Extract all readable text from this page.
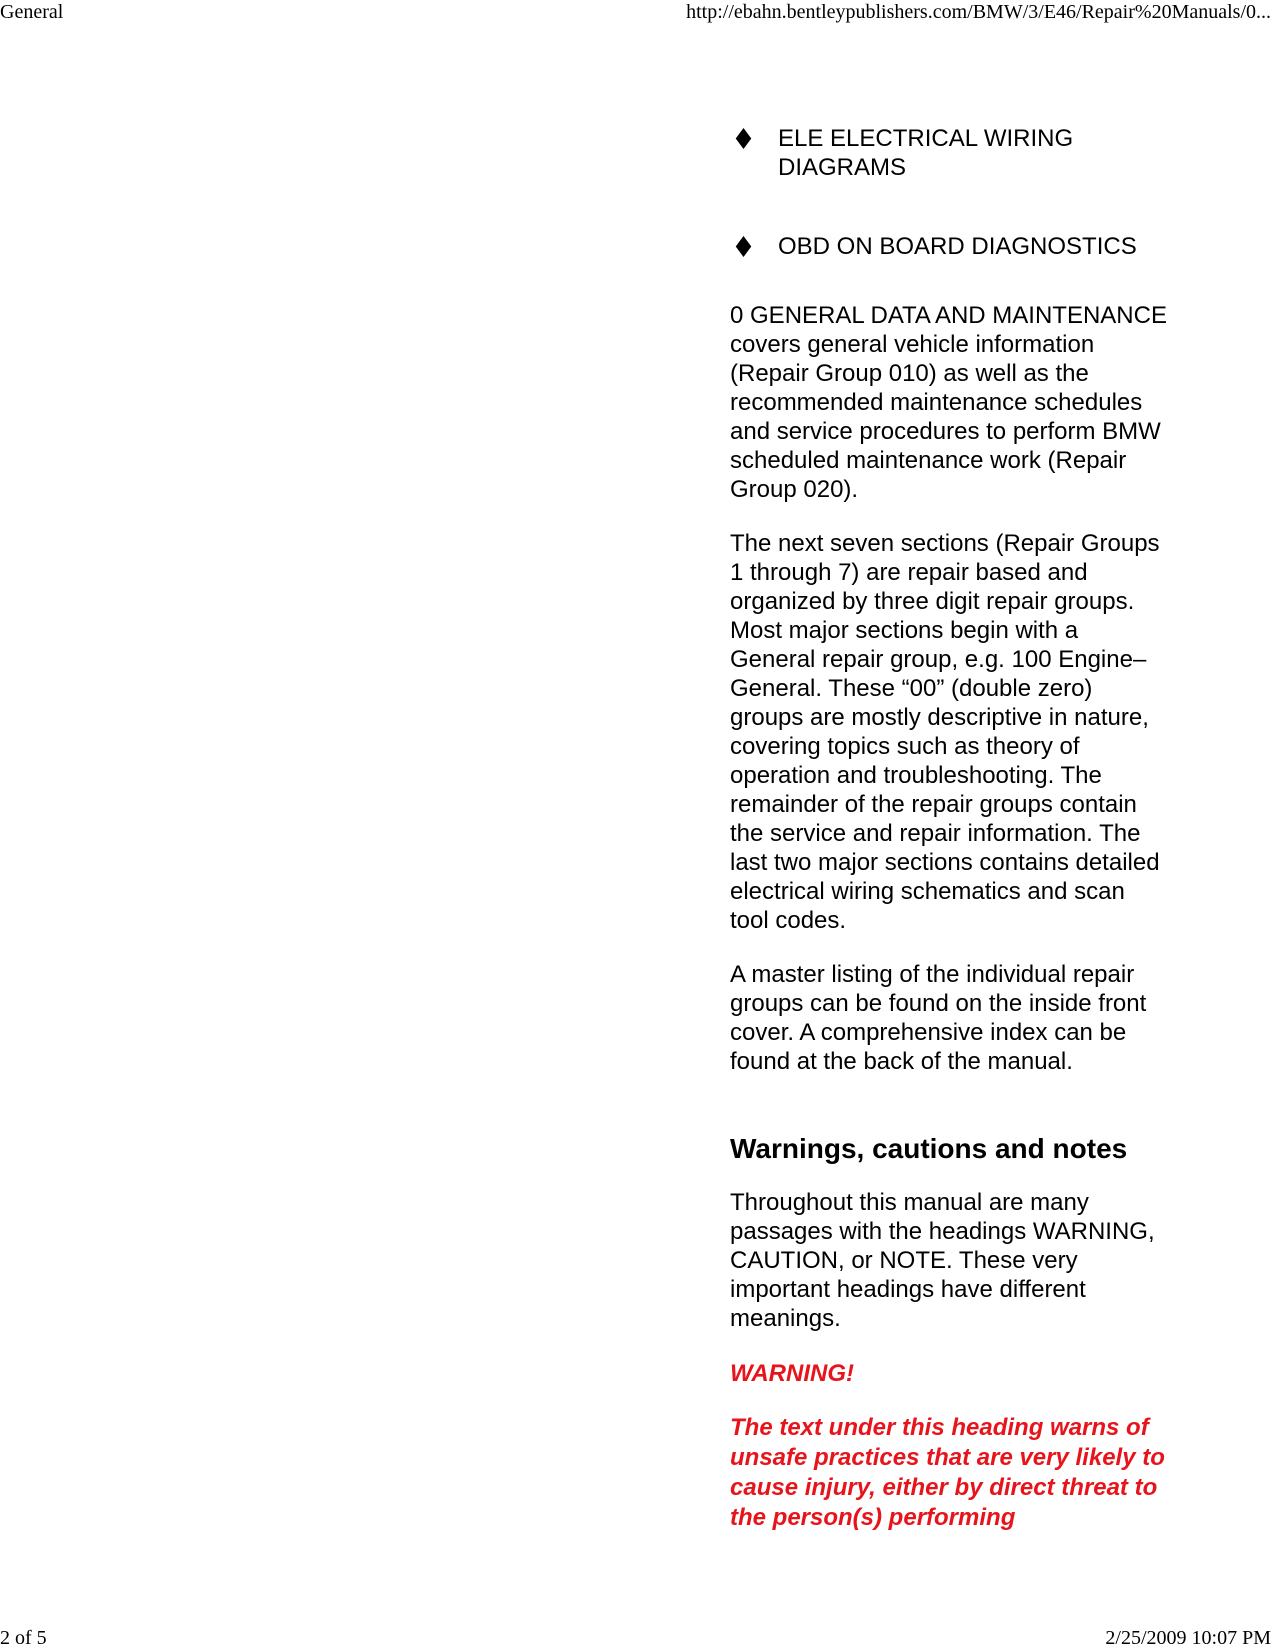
General	http://ebahn.bentleypublishers.com/BMW/3/E46/Repair%20Manuals/0...
ELE ELECTRICAL WIRING DIAGRAMS
OBD ON BOARD DIAGNOSTICS

0 GENERAL DATA AND MAINTENANCE covers general vehicle information (Repair Group 010) as well as the recommended maintenance schedules and service procedures to perform BMW scheduled maintenance work (Repair Group 020).

The next seven sections (Repair Groups 1 through 7) are repair based and organized by three digit repair groups. Most major sections begin with a General repair group, e.g. 100 Engine–General. These “00” (double zero) groups are mostly descriptive in nature, covering topics such as theory of operation and troubleshooting. The remainder of the repair groups contain the service and repair information. The last two major sections contains detailed electrical wiring schematics and scan tool codes.

A master listing of the individual repair groups can be found on the inside front cover. A comprehensive index can be found at the back of the manual.

Warnings, cautions and notes

Throughout this manual are many passages with the headings WARNING, CAUTION, or NOTE. These very important headings have different meanings.

WARNING!

The text under this heading warns of unsafe practices that are very likely to cause injury, either by direct threat to the person(s) performing

2 of 5	2/25/2009 10:07 PM
